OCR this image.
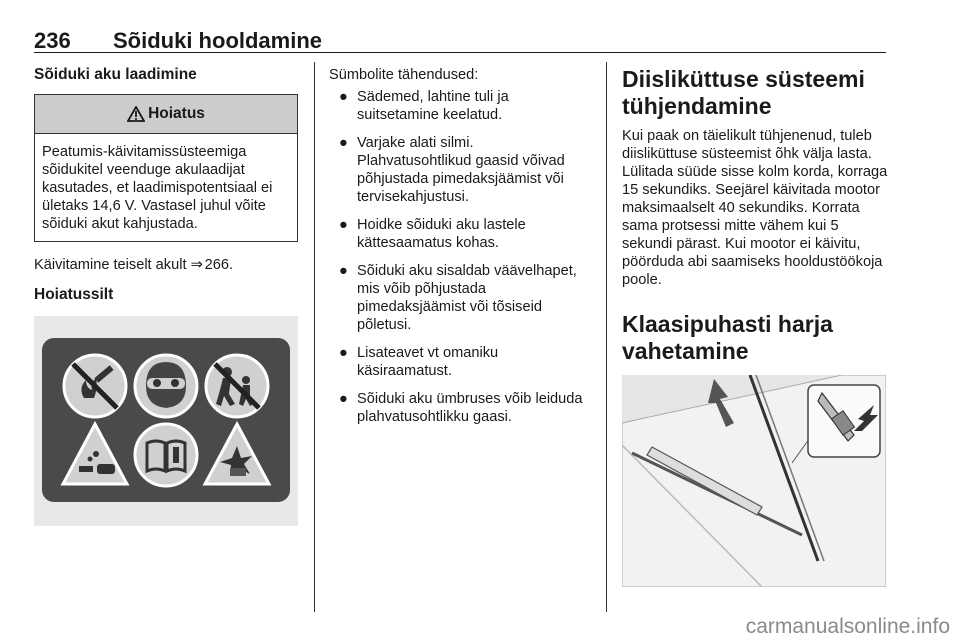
236 Sõiduki hooldamine
Sõiduki aku laadimine
Hoiatus
Peatumis-käivitamissüsteemiga sõidukitel veenduge akulaadijat kasutades, et laadimispotentsiaal ei ületaks 14,6 V. Vastasel juhul võite sõiduki akut kahjustada.
Käivitamine teiselt akult ⇒ 266.
Hoiatussilt
Sümbolite tähendused:
● Sädemed, lahtine tuli ja suitsetamine keelatud.
● Varjake alati silmi. Plahvatusohtlikud gaasid võivad põhjustada pimedaksjäämist või tervisekahjustusi.
● Hoidke sõiduki aku lastele kättesaamatus kohas.
● Sõiduki aku sisaldab väävelhapet, mis võib põhjustada pimedaksjäämist või tõsiseid põletusi.
● Lisateavet vt omaniku käsiraamatust.
● Sõiduki aku ümbruses võib leiduda plahvatusohtlikku gaasi.
Diisliküttuse süsteemi tühjendamine
Kui paak on täielikult tühjenenud, tuleb diisliküttuse süsteemist õhk välja lasta. Lülitada süüde sisse kolm korda, korraga 15 sekundiks. Seejärel käivitada mootor maksimaalselt 40 sekundiks. Korrata sama protsessi mitte vähem kui 5 sekundi pärast. Kui mootor ei käivitu, pöörduda abi saamiseks hooldustöökoja poole.
Klaasipuhasti harja vahetamine
carmanualsonline.info
